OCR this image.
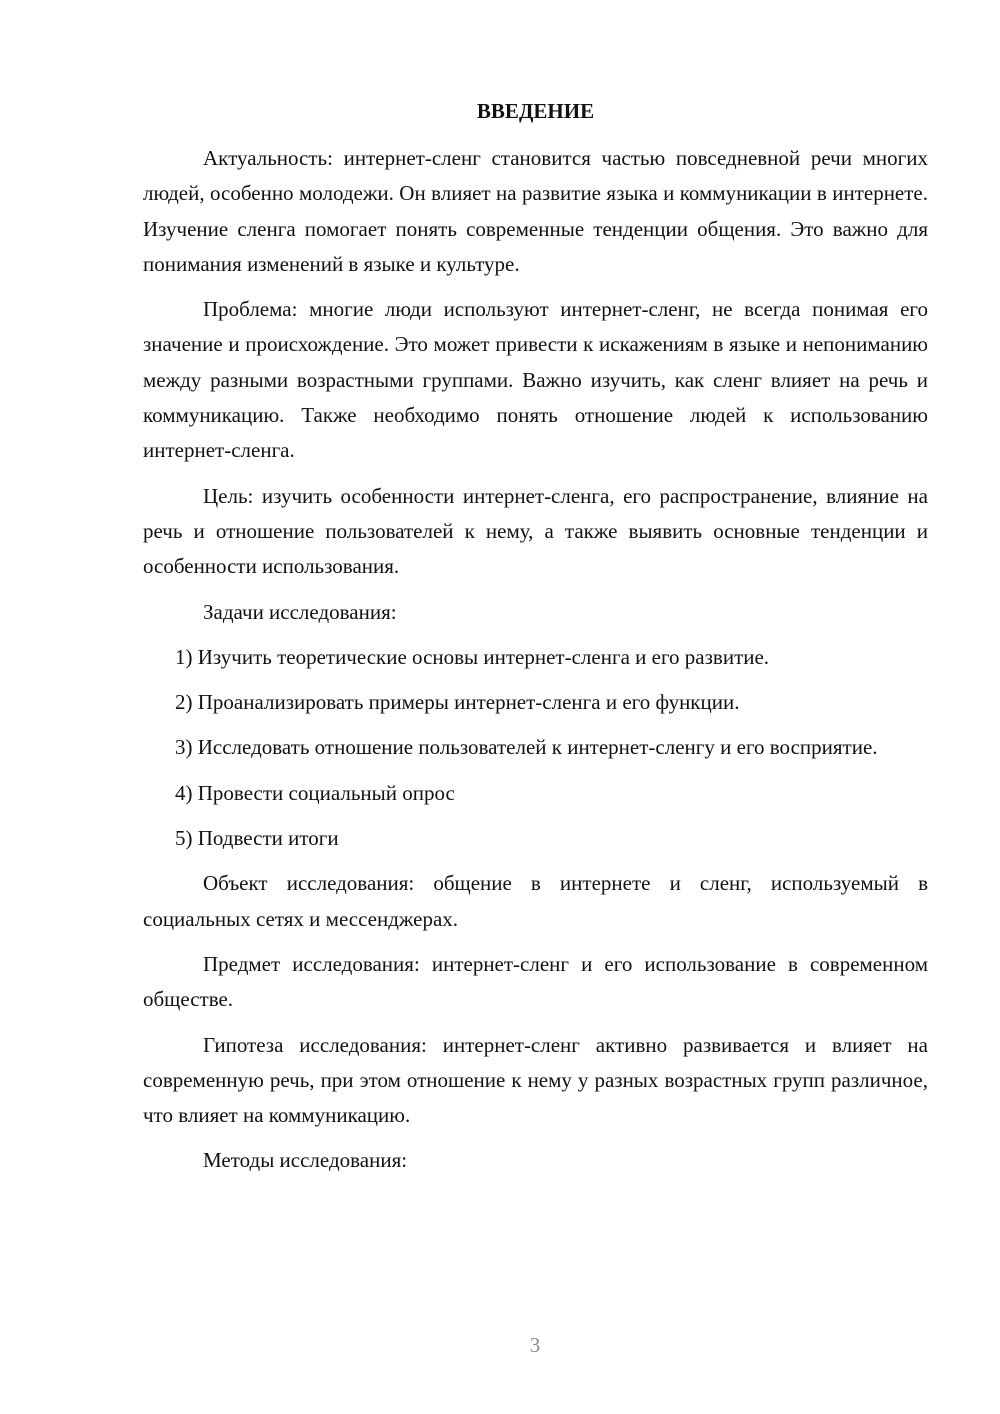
ВВЕДЕНИЕ

Актуальность: интернет-сленг становится частью повседневной речи многих людей, особенно молодежи. Он влияет на развитие языка и коммуникации в интернете. Изучение сленга помогает понять современные тенденции общения. Это важно для понимания изменений в языке и культуре.

Проблема: многие люди используют интернет-сленг, не всегда понимая его значение и происхождение. Это может привести к искажениям в языке и непониманию между разными возрастными группами. Важно изучить, как сленг влияет на речь и коммуникацию. Также необходимо понять отношение людей к использованию интернет-сленга.

Цель: изучить особенности интернет-сленга, его распространение, влияние на речь и отношение пользователей к нему, а также выявить основные тенденции и особенности использования.

Задачи исследования:

1) Изучить теоретические основы интернет-сленга и его развитие.

2) Проанализировать примеры интернет-сленга и его функции.

3) Исследовать отношение пользователей к интернет-сленгу и его восприятие.

4) Провести социальный опрос

5) Подвести итоги

Объект исследования: общение в интернете и сленг, используемый в социальных сетях и мессенджерах.

Предмет исследования: интернет-сленг и его использование в современном обществе.

Гипотеза исследования: интернет-сленг активно развивается и влияет на современную речь, при этом отношение к нему у разных возрастных групп различное, что влияет на коммуникацию.

Методы исследования:

3
